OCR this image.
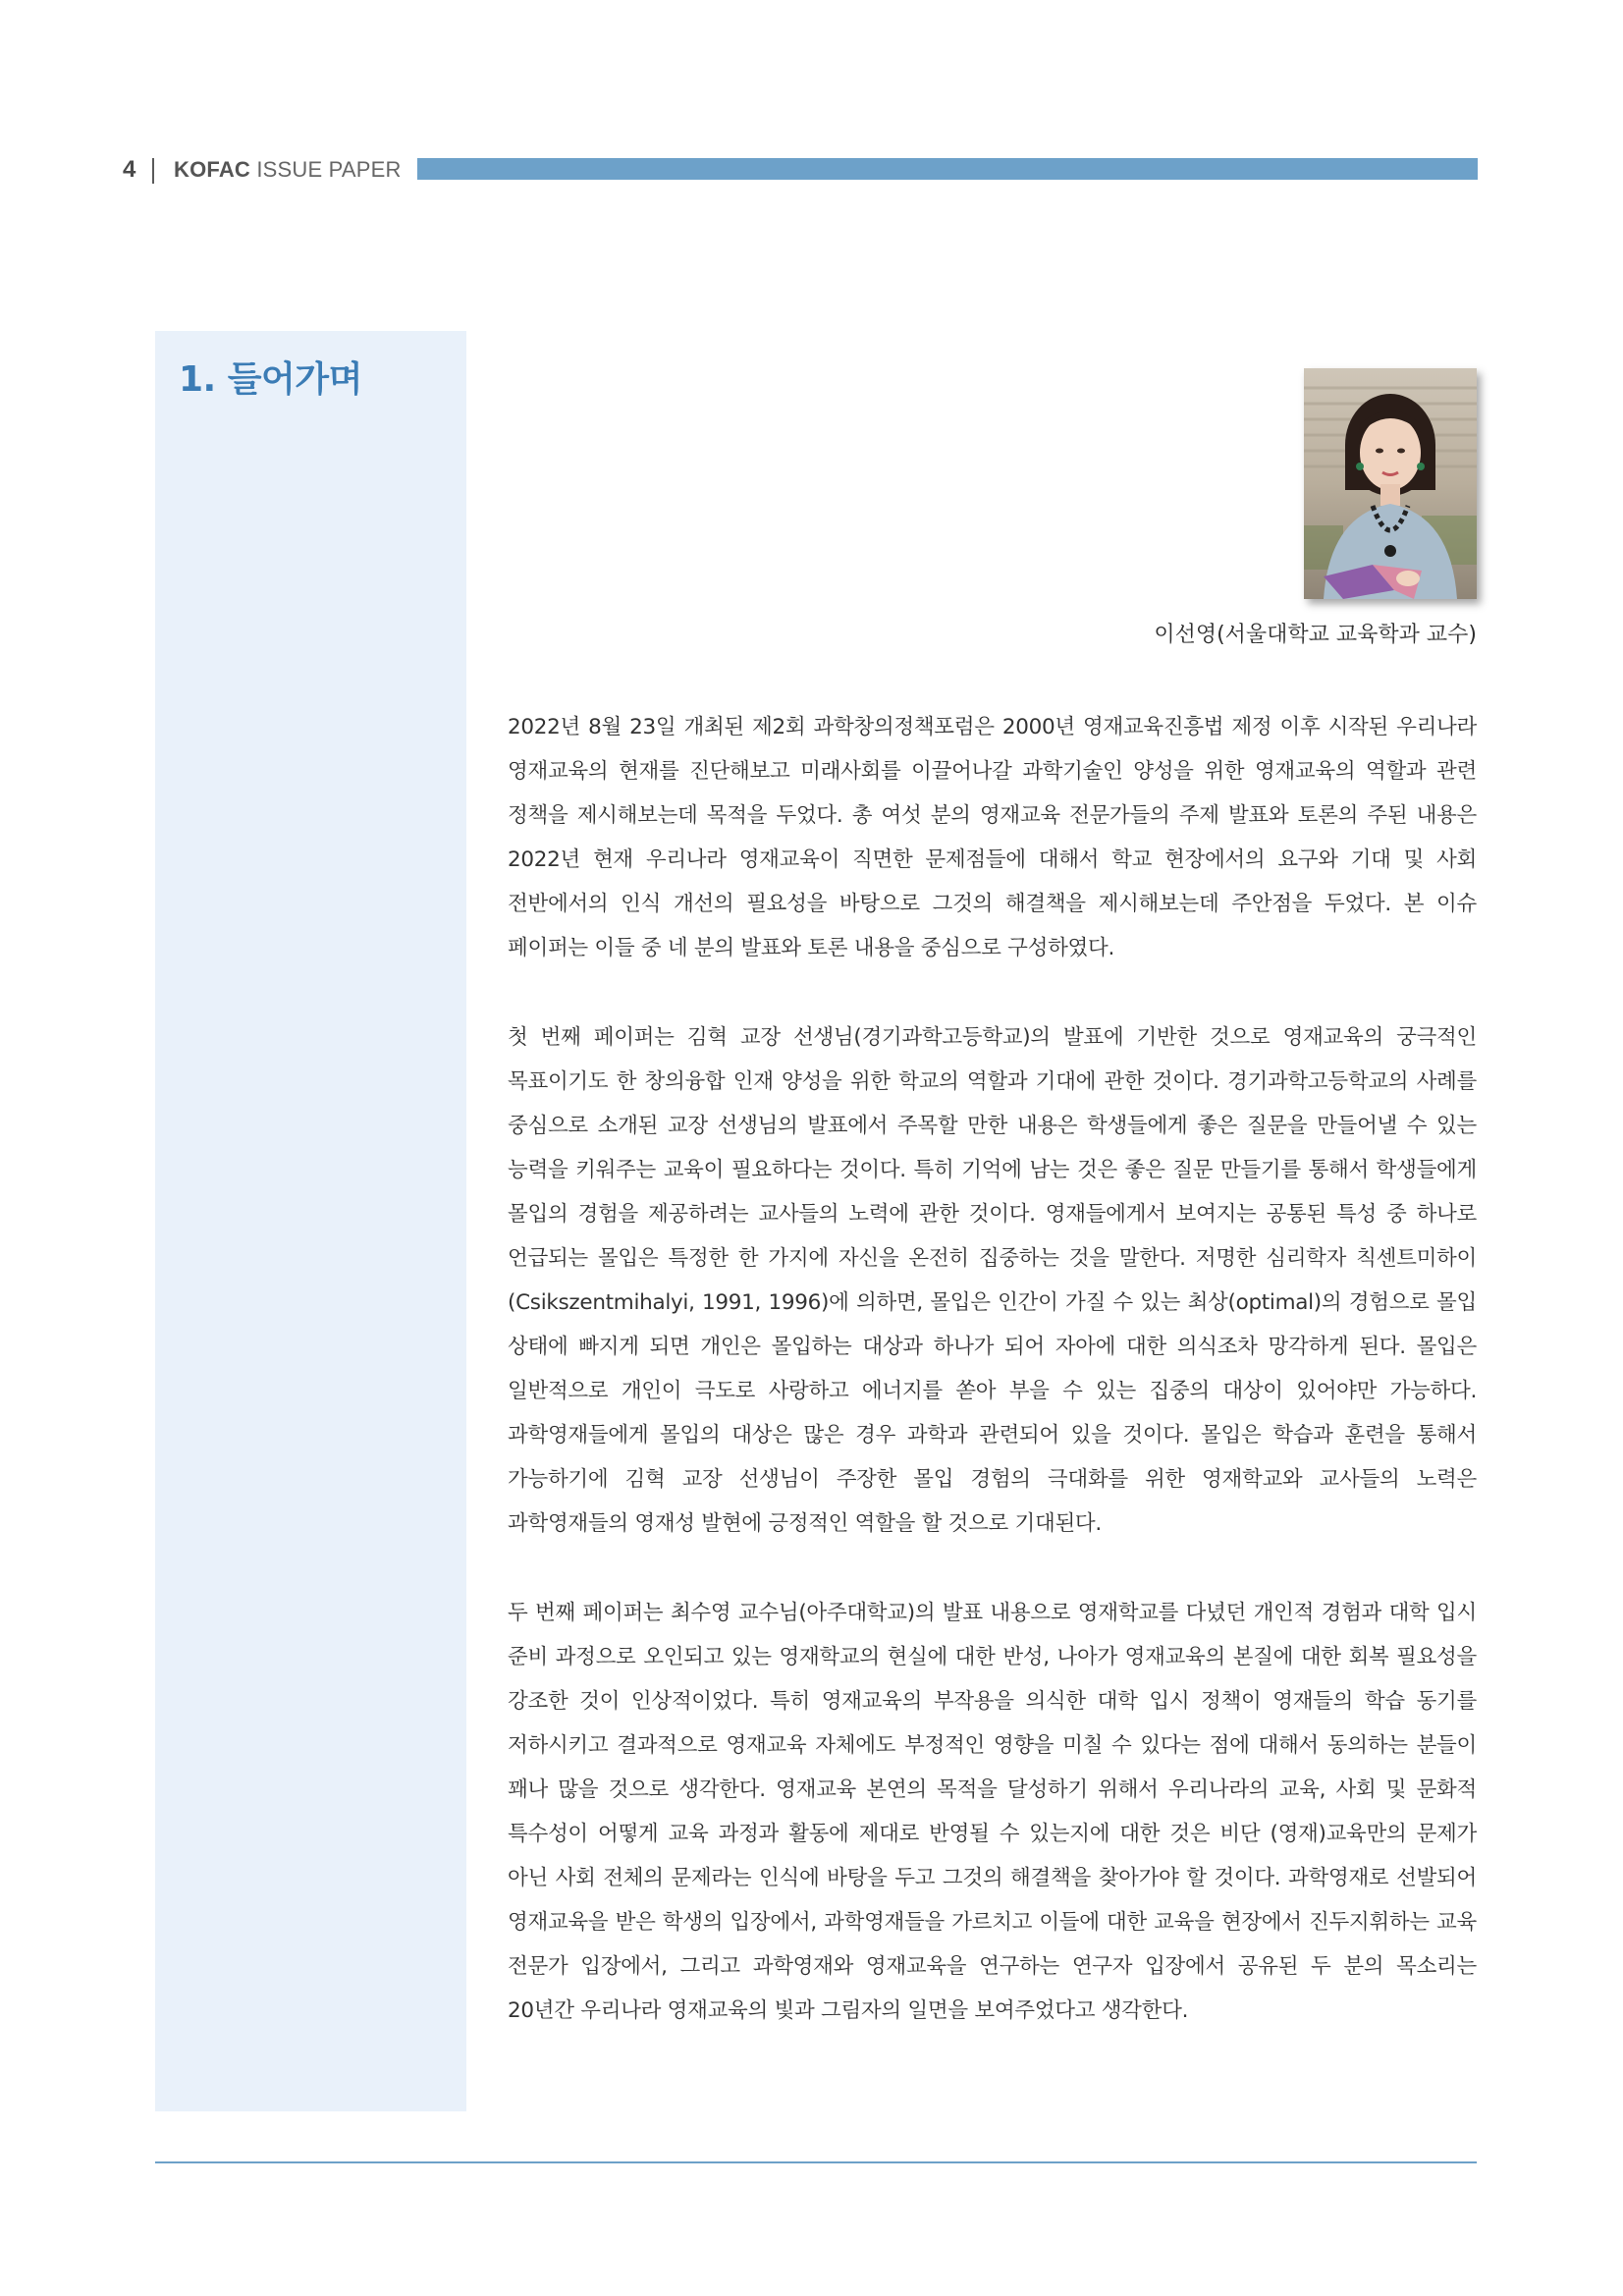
4 KOFAC ISSUE PAPER
1. 들어가며
이선영(서울대학교 교육학과 교수)

2022년 8월 23일 개최된 제2회 과학창의정책포럼은 2000년 영재교육진흥법 제정 이후 시작된 우리나라 영재교육의 현재를 진단해보고 미래사회를 이끌어나갈 과학기술인 양성을 위한 영재교육의 역할과 관련 정책을 제시해보는데 목적을 두었다. 총 여섯 분의 영재교육 전문가들의 주제 발표와 토론의 주된 내용은 2022년 현재 우리나라 영재교육이 직면한 문제점들에 대해서 학교 현장에서의 요구와 기대 및 사회 전반에서의 인식 개선의 필요성을 바탕으로 그것의 해결책을 제시해보는데 주안점을 두었다. 본 이슈 페이퍼는 이들 중 네 분의 발표와 토론 내용을 중심으로 구성하였다.

첫 번째 페이퍼는 김혁 교장 선생님(경기과학고등학교)의 발표에 기반한 것으로 영재교육의 궁극적인 목표이기도 한 창의융합 인재 양성을 위한 학교의 역할과 기대에 관한 것이다. 경기과학고등학교의 사례를 중심으로 소개된 교장 선생님의 발표에서 주목할 만한 내용은 학생들에게 좋은 질문을 만들어낼 수 있는 능력을 키워주는 교육이 필요하다는 것이다. 특히 기억에 남는 것은 좋은 질문 만들기를 통해서 학생들에게 몰입의 경험을 제공하려는 교사들의 노력에 관한 것이다. 영재들에게서 보여지는 공통된 특성 중 하나로 언급되는 몰입은 특정한 한 가지에 자신을 온전히 집중하는 것을 말한다. 저명한 심리학자 칙센트미하이(Csikszentmihalyi, 1991, 1996)에 의하면, 몰입은 인간이 가질 수 있는 최상(optimal)의 경험으로 몰입 상태에 빠지게 되면 개인은 몰입하는 대상과 하나가 되어 자아에 대한 의식조차 망각하게 된다. 몰입은 일반적으로 개인이 극도로 사랑하고 에너지를 쏟아 부을 수 있는 집중의 대상이 있어야만 가능하다. 과학영재들에게 몰입의 대상은 많은 경우 과학과 관련되어 있을 것이다. 몰입은 학습과 훈련을 통해서 가능하기에 김혁 교장 선생님이 주장한 몰입 경험의 극대화를 위한 영재학교와 교사들의 노력은 과학영재들의 영재성 발현에 긍정적인 역할을 할 것으로 기대된다.

두 번째 페이퍼는 최수영 교수님(아주대학교)의 발표 내용으로 영재학교를 다녔던 개인적 경험과 대학 입시 준비 과정으로 오인되고 있는 영재학교의 현실에 대한 반성, 나아가 영재교육의 본질에 대한 회복 필요성을 강조한 것이 인상적이었다. 특히 영재교육의 부작용을 의식한 대학 입시 정책이 영재들의 학습 동기를 저하시키고 결과적으로 영재교육 자체에도 부정적인 영향을 미칠 수 있다는 점에 대해서 동의하는 분들이 꽤나 많을 것으로 생각한다. 영재교육 본연의 목적을 달성하기 위해서 우리나라의 교육, 사회 및 문화적 특수성이 어떻게 교육 과정과 활동에 제대로 반영될 수 있는지에 대한 것은 비단 (영재)교육만의 문제가 아닌 사회 전체의 문제라는 인식에 바탕을 두고 그것의 해결책을 찾아가야 할 것이다. 과학영재로 선발되어 영재교육을 받은 학생의 입장에서, 과학영재들을 가르치고 이들에 대한 교육을 현장에서 진두지휘하는 교육 전문가 입장에서, 그리고 과학영재와 영재교육을 연구하는 연구자 입장에서 공유된 두 분의 목소리는 20년간 우리나라 영재교육의 빛과 그림자의 일면을 보여주었다고 생각한다.
